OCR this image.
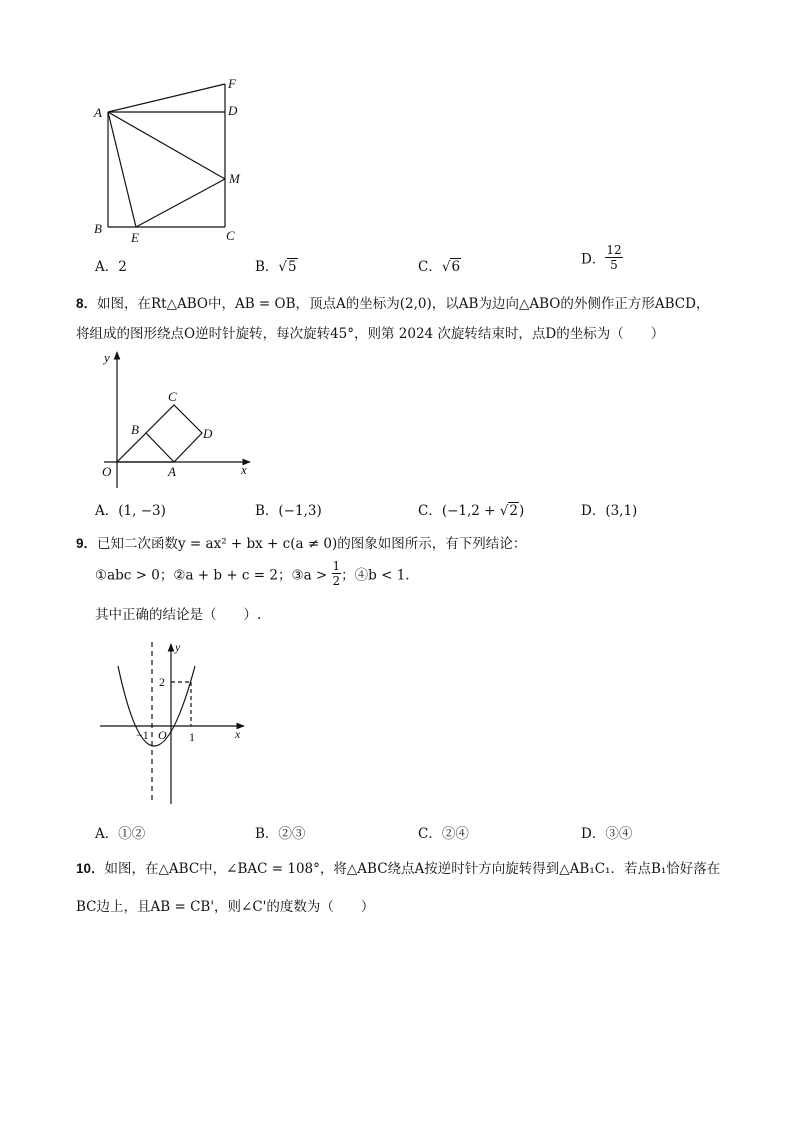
A
F
D
M
B
E	C
A．2	B．√5	C．√6	D． $\frac{12}{5}$
8．如图，在Rt△ABO中，AB = OB，顶点A的坐标为(2,0)，以AB为边向△ABO的外侧作正方形ABCD，
将组成的图形绕点O逆时针旋转，每次旋转45°，则第 2024 次旋转结束时，点D的坐标为（　　）
y
x
O	A
B
C
D
A．(1, −3)	B．(−1,3)	C．(−1,2 + √2)	D．(3,1)
9．已知二次函数y = ax² + bx + c(a ≠ 0)的图象如图所示，有下列结论：
①abc > 0；②a + b + c = 2；③a > $\frac{1}{2}$ ；④b < 1.
其中正确的结论是（　　）.
y
x
O
−1	1
2
A．①②	B．②③	C．②④	D．③④
10．如图，在△ABC中，∠BAC = 108°，将△ABC绕点A按逆时针方向旋转得到△AB₁C₁．若点B₁恰好落在
BC边上，且AB = CB'，则∠C'的度数为（　　）
